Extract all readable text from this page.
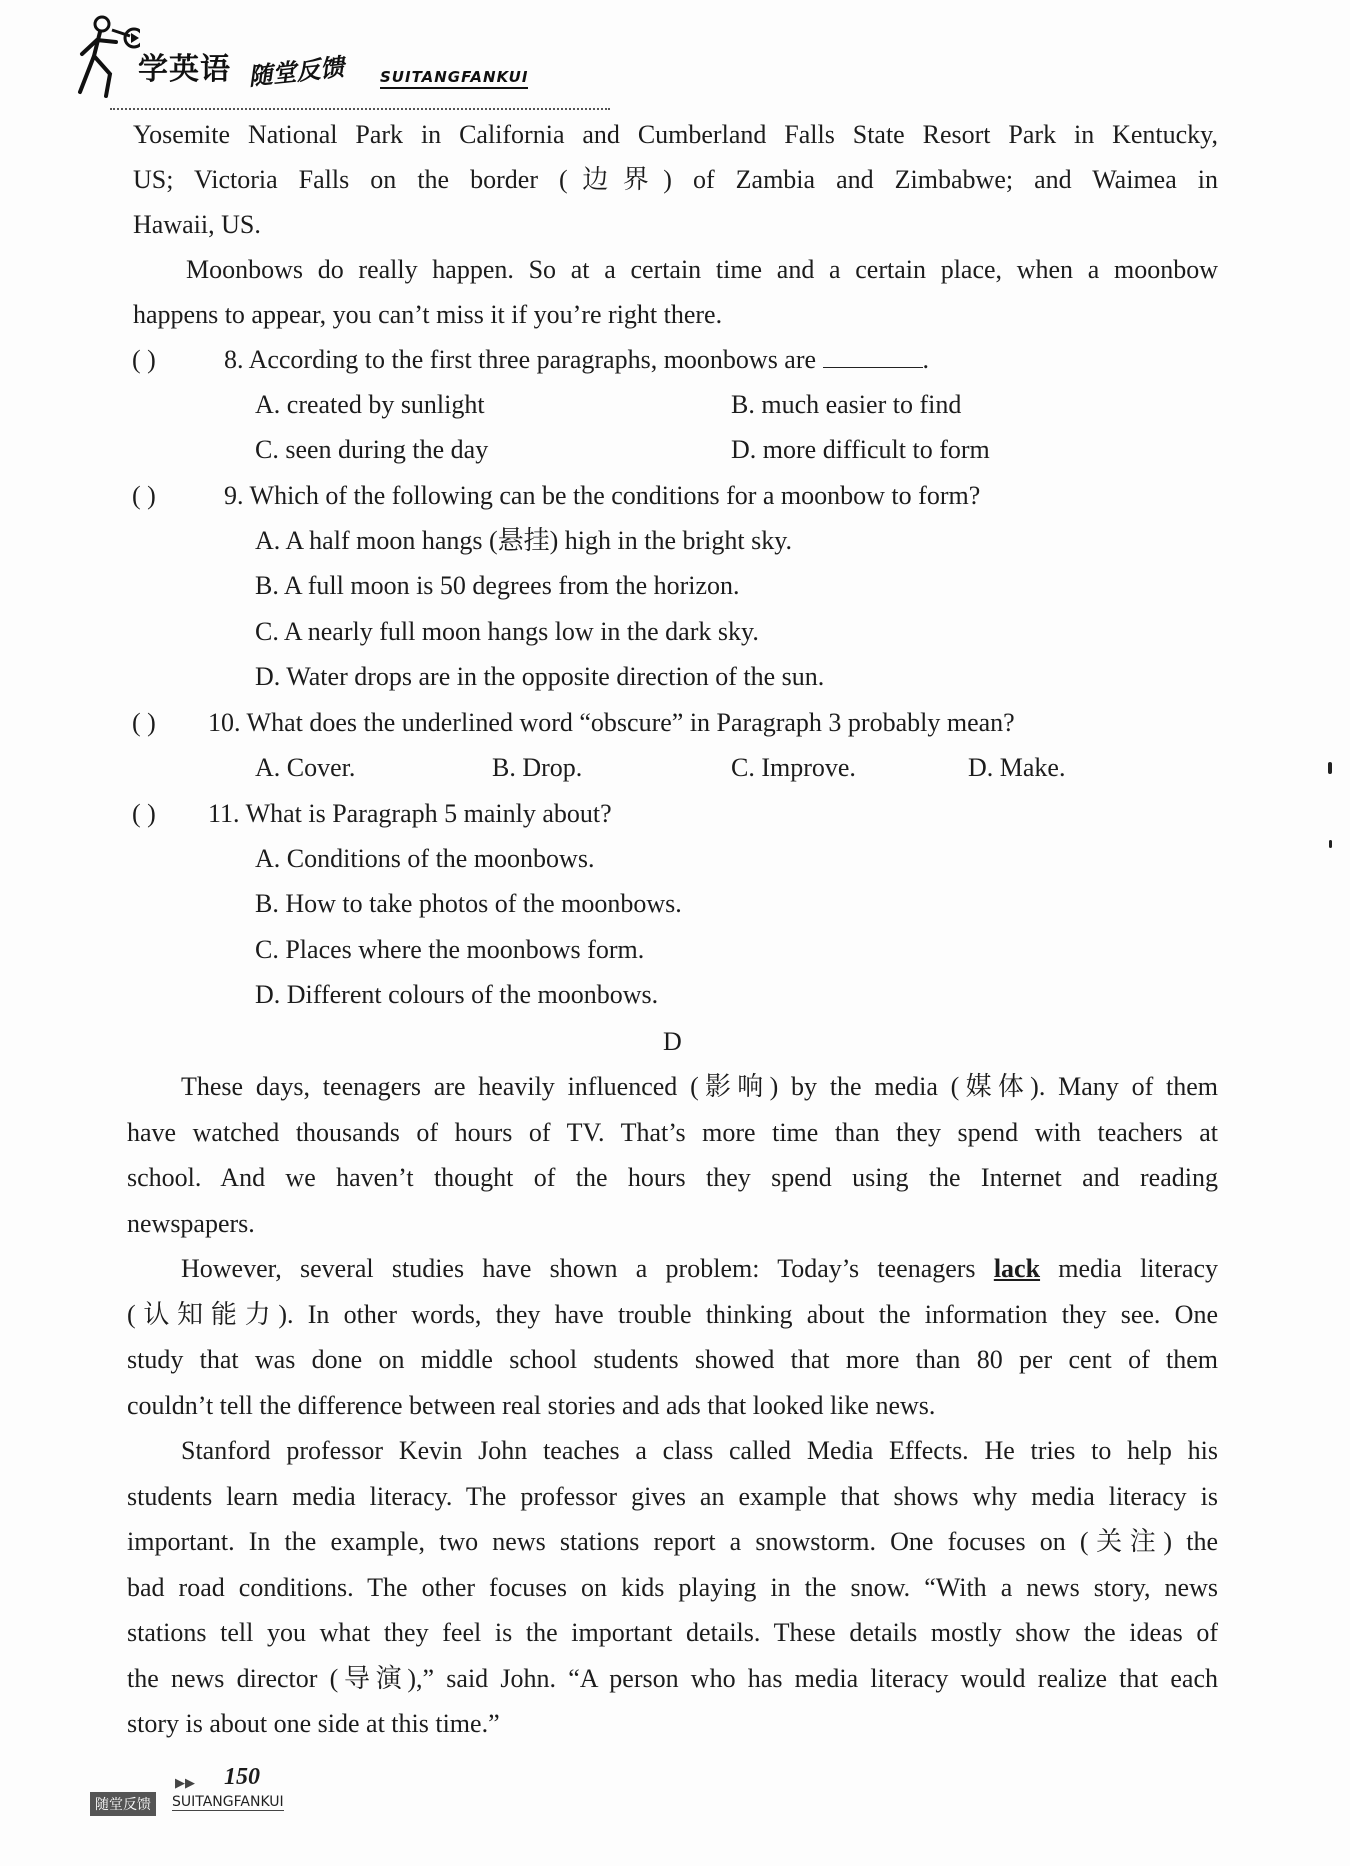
学英语 随堂反馈 SUITANGFANKUI
Yosemite National Park in California and Cumberland Falls State Resort Park in Kentucky,
US; Victoria Falls on the border (边界) of Zambia and Zimbabwe; and Waimea in
Hawaii, US.
Moonbows do really happen. So at a certain time and a certain place, when a moonbow
happens to appear, you can’t miss it if you’re right there.
( )	8. According to the first three paragraphs, moonbows are	.
A. created by sunlight	B. much easier to find
C. seen during the day	D. more difficult to form
( )	9. Which of the following can be the conditions for a moonbow to form?
A. A half moon hangs (悬挂) high in the bright sky.
B. A full moon is 50 degrees from the horizon.
C. A nearly full moon hangs low in the dark sky.
D. Water drops are in the opposite direction of the sun.
( ) 10. What does the underlined word “obscure” in Paragraph 3 probably mean?
A. Cover.	B. Drop.	C. Improve.	D. Make.
( ) 11. What is Paragraph 5 mainly about?
A. Conditions of the moonbows.
B. How to take photos of the moonbows.
C. Places where the moonbows form.
D. Different colours of the moonbows.
D
These days, teenagers are heavily influenced (影响) by the media (媒体). Many of them
have watched thousands of hours of TV. That’s more time than they spend with teachers at
school. And we haven’t thought of the hours they spend using the Internet and reading
newspapers.
However, several studies have shown a problem: Today’s teenagers lack media literacy
(认知能力). In other words, they have trouble thinking about the information they see. One
study that was done on middle school students showed that more than 80 per cent of them
couldn’t tell the difference between real stories and ads that looked like news.
Stanford professor Kevin John teaches a class called Media Effects. He tries to help his
students learn media literacy. The professor gives an example that shows why media literacy is
important. In the example, two news stations report a snowstorm. One focuses on (关注) the
bad road conditions. The other focuses on kids playing in the snow. “With a news story, news
stations tell you what they feel is the important details. These details mostly show the ideas of
the news director (导演),” said John. “A person who has media literacy would realize that each
story is about one side at this time.”
▶▶ 150
随堂反馈	SUITANGFANKUI
